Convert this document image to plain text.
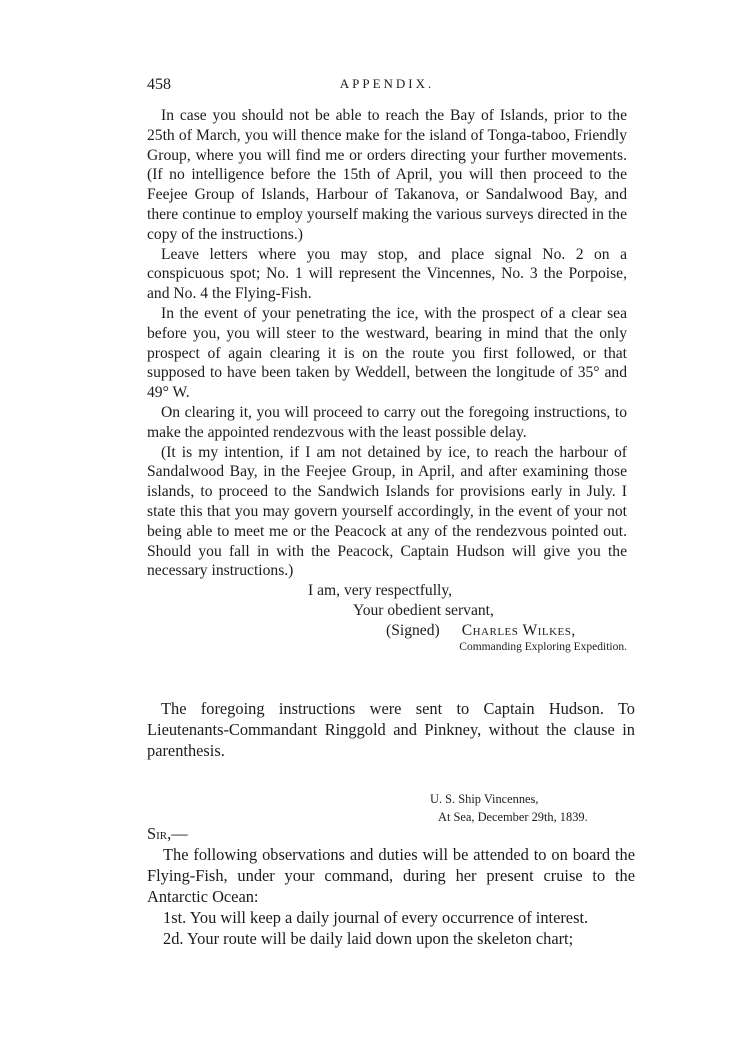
458	APPENDIX.

In case you should not be able to reach the Bay of Islands, prior to the 25th of March, you will thence make for the island of Tonga-taboo, Friendly Group, where you will find me or orders directing your further movements. (If no intelligence before the 15th of April, you will then proceed to the Feejee Group of Islands, Harbour of Takanova, or Sandalwood Bay, and there continue to employ yourself making the various surveys directed in the copy of the instructions.)

Leave letters where you may stop, and place signal No. 2 on a conspicuous spot; No. 1 will represent the Vincennes, No. 3 the Porpoise, and No. 4 the Flying-Fish.

In the event of your penetrating the ice, with the prospect of a clear sea before you, you will steer to the westward, bearing in mind that the only prospect of again clearing it is on the route you first followed, or that supposed to have been taken by Weddell, between the longitude of 35° and 49° W.

On clearing it, you will proceed to carry out the foregoing instructions, to make the appointed rendezvous with the least possible delay.

(It is my intention, if I am not detained by ice, to reach the harbour of Sandalwood Bay, in the Feejee Group, in April, and after examining those islands, to proceed to the Sandwich Islands for provisions early in July. I state this that you may govern yourself accordingly, in the event of your not being able to meet me or the Peacock at any of the rendezvous pointed out. Should you fall in with the Peacock, Captain Hudson will give you the necessary instructions.)

I am, very respectfully,
Your obedient servant,
(Signed) Charles Wilkes,
Commanding Exploring Expedition.

The foregoing instructions were sent to Captain Hudson. To Lieutenants-Commandant Ringgold and Pinkney, without the clause in parenthesis.

U. S. Ship Vincennes,
At Sea, December 29th, 1839.
Sir,—

The following observations and duties will be attended to on board the Flying-Fish, under your command, during her present cruise to the Antarctic Ocean:

1st. You will keep a daily journal of every occurrence of interest.
2d. Your route will be daily laid down upon the skeleton chart;
